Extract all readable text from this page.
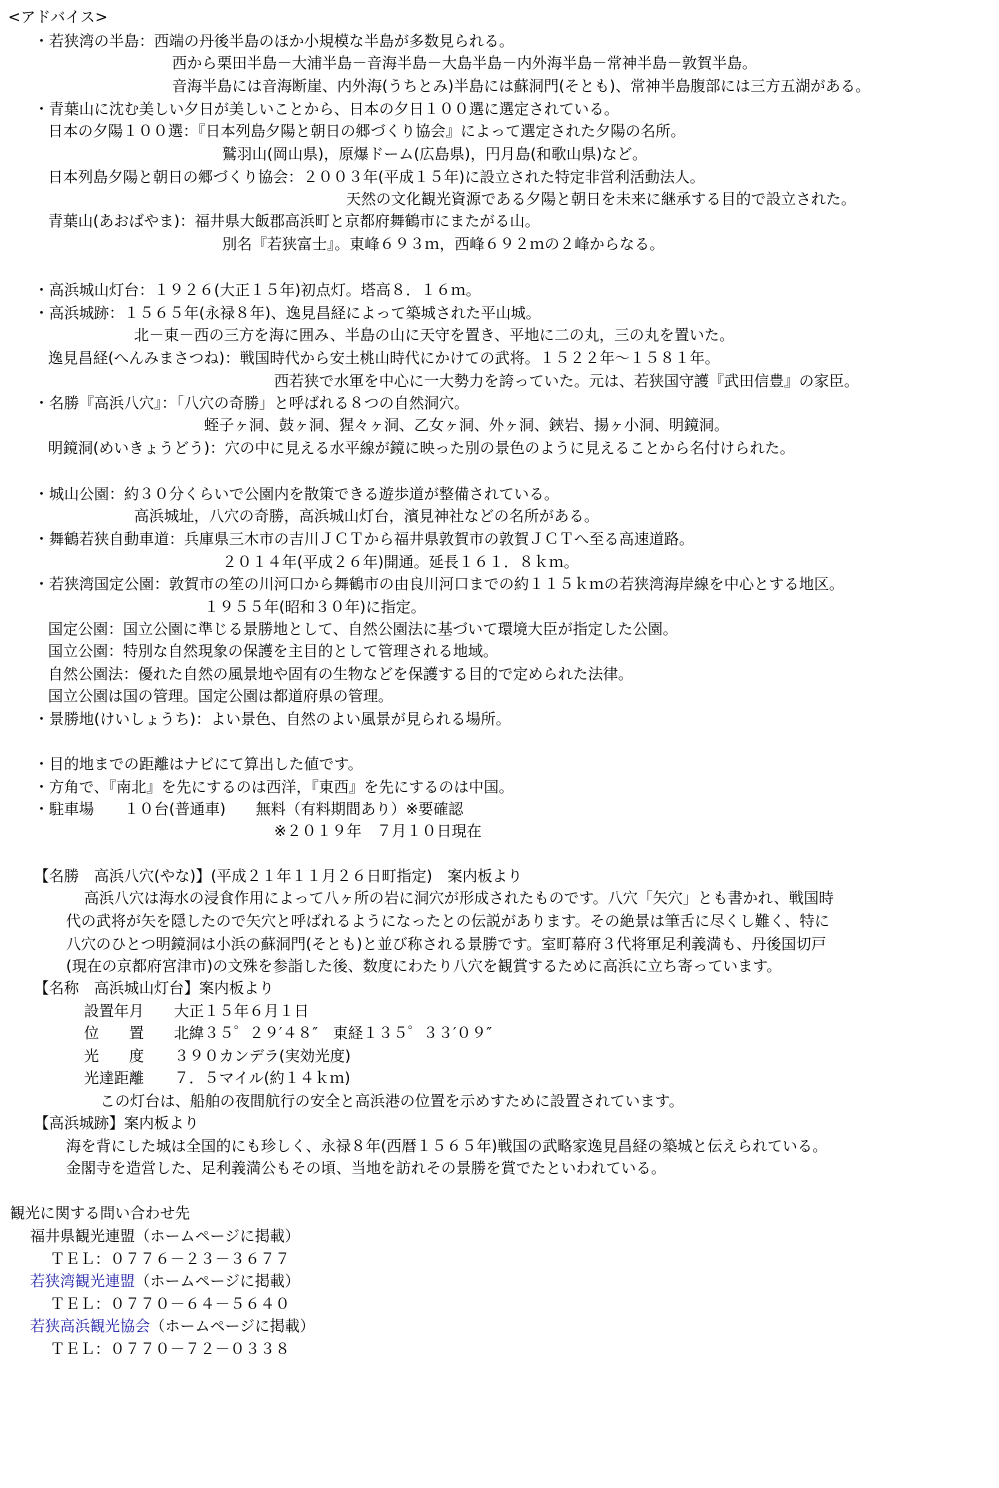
<アドバイス>
・若狭湾の半島：西端の丹後半島のほか小規模な半島が多数見られる。
西から栗田半島－大浦半島－音海半島－大島半島－内外海半島－常神半島－敦賀半島。
音海半島には音海断崖、内外海(うちとみ)半島には蘇洞門(そとも)、常神半島腹部には三方五湖がある。
・青葉山に沈む美しい夕日が美しいことから、日本の夕日１００選に選定されている。
日本の夕陽１００選：『日本列島夕陽と朝日の郷づくり協会』によって選定された夕陽の名所。
鷲羽山(岡山県)，原爆ドーム(広島県)，円月島(和歌山県)など。
日本列島夕陽と朝日の郷づくり協会：２００３年(平成１５年)に設立された特定非営利活動法人。
天然の文化観光資源である夕陽と朝日を未来に継承する目的で設立された。
青葉山(あおばやま)：福井県大飯郡高浜町と京都府舞鶴市にまたがる山。
別名『若狭富士』。東峰６９３ｍ，西峰６９２ｍの２峰からなる。
・高浜城山灯台：１９２６(大正１５年)初点灯。塔高８．１６ｍ。
・高浜城跡：１５６５年(永禄８年)、逸見昌経によって築城された平山城。
北－東－西の三方を海に囲み、半島の山に天守を置き、平地に二の丸，三の丸を置いた。
逸見昌経(へんみまさつね)：戦国時代から安土桃山時代にかけての武将。１５２２年～１５８１年。
西若狭で水軍を中心に一大勢力を誇っていた。元は、若狭国守護『武田信豊』の家臣。
・名勝『高浜八穴』：「八穴の奇勝」と呼ばれる８つの自然洞穴。
蛭子ヶ洞、鼓ヶ洞、猩々ヶ洞、乙女ヶ洞、外ヶ洞、鋏岩、揚ヶ小洞、明鏡洞。
明鏡洞(めいきょうどう)：穴の中に見える水平線が鏡に映った別の景色のように見えることから名付けられた。
・城山公園：約３０分くらいで公園内を散策できる遊歩道が整備されている。
高浜城址，八穴の奇勝，高浜城山灯台，濱見神社などの名所がある。
・舞鶴若狭自動車道：兵庫県三木市の吉川ＪＣＴから福井県敦賀市の敦賀ＪＣＴへ至る高速道路。
２０１４年(平成２６年)開通。延長１６１．８ｋｍ。
・若狭湾国定公園：敦賀市の笙の川河口から舞鶴市の由良川河口までの約１１５ｋｍの若狭湾海岸線を中心とする地区。
１９５５年(昭和３０年)に指定。
国定公園：国立公園に準じる景勝地として、自然公園法に基づいて環境大臣が指定した公園。
国立公園：特別な自然現象の保護を主目的として管理される地域。
自然公園法：優れた自然の風景地や固有の生物などを保護する目的で定められた法律。
国立公園は国の管理。国定公園は都道府県の管理。
・景勝地(けいしょうち)：よい景色、自然のよい風景が見られる場所。
・目的地までの距離はナビにて算出した値です。
・方角で、『南北』を先にするのは西洋，『東西』を先にするのは中国。
・駐車場　　１０台(普通車)　　無料（有料期間あり）※要確認
※２０１９年　７月１０日現在
【名勝　高浜八穴(やな)】(平成２１年１１月２６日町指定)　案内板より
高浜八穴は海水の浸食作用によって八ヶ所の岩に洞穴が形成されたものです。八穴「矢穴」とも書かれ、戦国時
代の武将が矢を隠したので矢穴と呼ばれるようになったとの伝説があります。その絶景は筆舌に尽くし難く、特に
八穴のひとつ明鏡洞は小浜の蘇洞門(そとも)と並び称される景勝です。室町幕府３代将軍足利義満も、丹後国切戸
(現在の京都府宮津市)の文殊を参詣した後、数度にわたり八穴を観賞するために高浜に立ち寄っています。
【名称　高浜城山灯台】案内板より
設置年月　　大正１５年６月１日
位　　置　　北緯３５゜２９′４８″　東経１３５゜３３′０９″
光　　度　　３９０カンデラ(実効光度)
光達距離　　７．５マイル(約１４ｋｍ)
この灯台は、船舶の夜間航行の安全と高浜港の位置を示めすために設置されています。
【高浜城跡】案内板より
海を背にした城は全国的にも珍しく、永禄８年(西暦１５６５年)戦国の武略家逸見昌経の築城と伝えられている。
金閣寺を造営した、足利義満公もその頃、当地を訪れその景勝を賞でたといわれている。
観光に関する問い合わせ先
福井県観光連盟（ホームページに掲載）
ＴＥＬ：０７７６－２３－３６７７
若狭湾観光連盟（ホームページに掲載）
ＴＥＬ：０７７０－６４－５６４０
若狭高浜観光協会（ホームページに掲載）
ＴＥＬ：０７７０－７２－０３３８
